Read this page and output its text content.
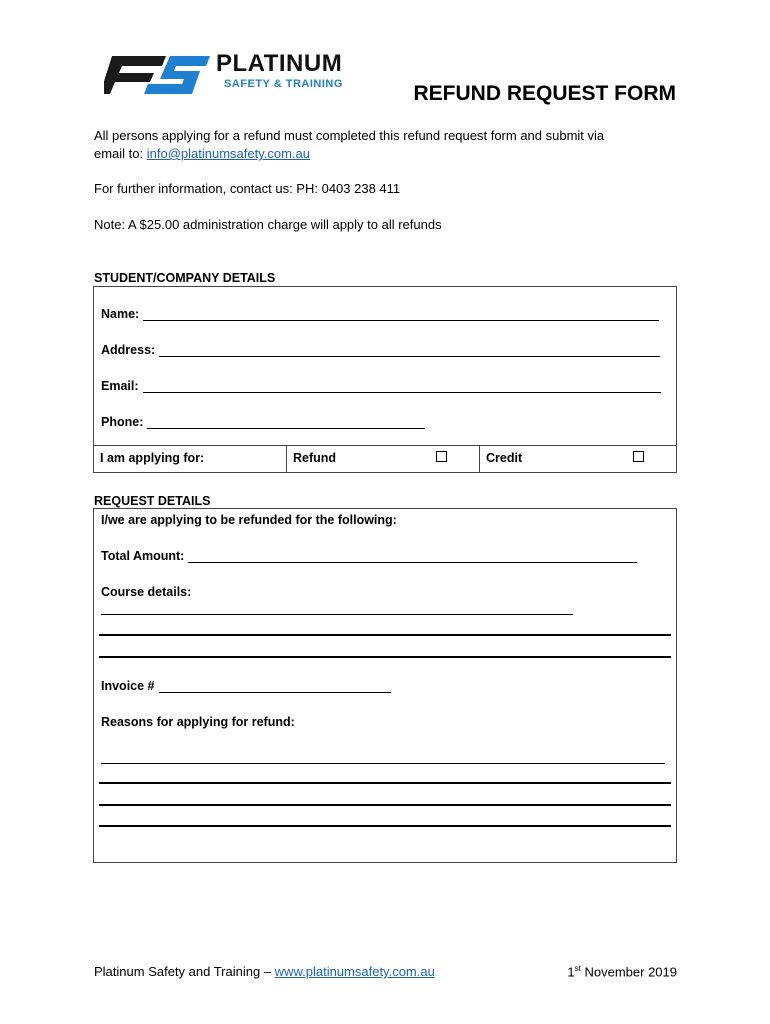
PLATINUM
SAFETY & TRAINING	REFUND REQUEST FORM
All persons applying for a refund must completed this refund request form and submit via
email to: info@platinumsafety.com.au
For further information, contact us: PH: 0403 238 411
Note: A $25.00 administration charge will apply to all refunds
STUDENT/COMPANY DETAILS
Name:
Address:
Email:
Phone:
I am applying for:	Refund	Credit
REQUEST DETAILS
I/we are applying to be refunded for the following:
Total Amount:
Course details:
Invoice #
Reasons for applying for refund:
Platinum Safety and Training – www.platinumsafety.com.au	1st November 2019
